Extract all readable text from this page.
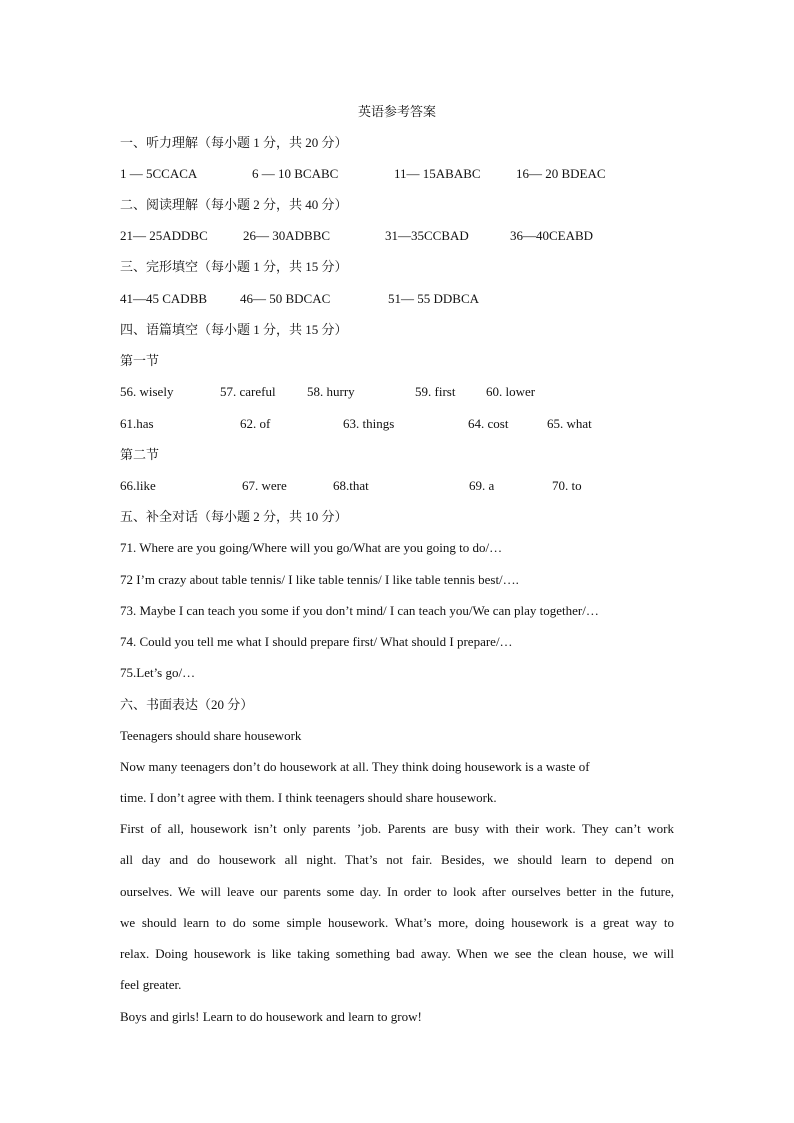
英语参考答案
一、听力理解（每小题 1 分，共 20 分）
1 — 5CCACA	6 — 10 BCABC	11— 15ABABC	16— 20 BDEAC
二、阅读理解（每小题 2 分，共 40 分）
21— 25ADDBC	26— 30ADBBC	31—35CCBAD	36—40CEABD
三、完形填空（每小题 1 分，共 15 分）
41—45 CADBB	46— 50 BDCAC	51— 55 DDBCA
四、语篇填空（每小题 1 分，共 15 分）
第一节
56. wisely	57. careful 58. hurry	59. first 60. lower
61.has	62. of	63. things	64. cost	65. what
第二节
66.like	67. were	68.that	69. a	70. to
五、补全对话（每小题 2 分，共 10 分）
71. Where are you going/Where will you go/What are you going to do/…
72 I’m crazy about table tennis/ I like table tennis/ I like table tennis best/….
73. Maybe I can teach you some if you don’t mind/ I can teach you/We can play together/…
74. Could you tell me what I should prepare first/ What should I prepare/…
75.Let’s go/…
六、书面表达（20 分）
Teenagers should share housework
Now many teenagers don’t do housework at all. They think doing housework is a waste of
time. I don’t agree with them. I think teenagers should share housework.
First of all, housework isn’t only parents ’job. Parents are busy with their work. They can’t work
all day and do housework all night. That’s not fair. Besides, we should learn to depend on
ourselves. We will leave our parents some day. In order to look after ourselves better in the future,
we should learn to do some simple housework. What’s more, doing housework is a great way to
relax. Doing housework is like taking something bad away. When we see the clean house, we will
feel greater.
Boys and girls! Learn to do housework and learn to grow!
